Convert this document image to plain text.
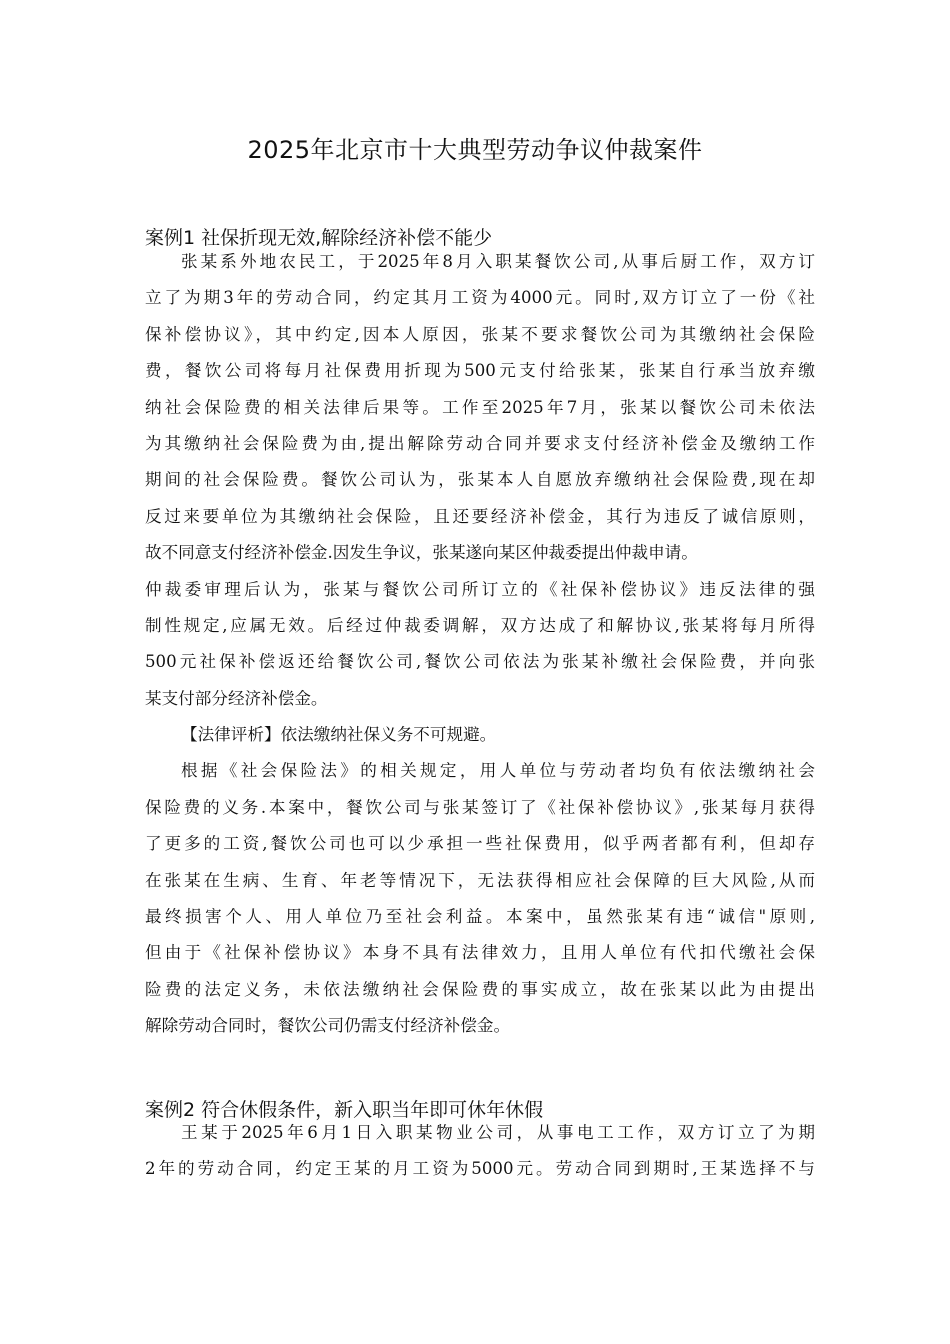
2025年北京市十大典型劳动争议仲裁案件
案例1 社保折现无效,解除经济补偿不能少
张某系外地农民工，于2025年8月入职某餐饮公司,从事后厨工作，双方订
立了为期3年的劳动合同，约定其月工资为4000元。同时,双方订立了一份《社
保补偿协议》，其中约定,因本人原因，张某不要求餐饮公司为其缴纳社会保险
费，餐饮公司将每月社保费用折现为500元支付给张某，张某自行承当放弃缴
纳社会保险费的相关法律后果等。工作至2025年7月，张某以餐饮公司未依法
为其缴纳社会保险费为由,提出解除劳动合同并要求支付经济补偿金及缴纳工作
期间的社会保险费。餐饮公司认为，张某本人自愿放弃缴纳社会保险费,现在却
反过来要单位为其缴纳社会保险，且还要经济补偿金，其行为违反了诚信原则，
故不同意支付经济补偿金.因发生争议，张某遂向某区仲裁委提出仲裁申请。
仲裁委审理后认为，张某与餐饮公司所订立的《社保补偿协议》违反法律的强
制性规定,应属无效。后经过仲裁委调解，双方达成了和解协议,张某将每月所得
500元社保补偿返还给餐饮公司,餐饮公司依法为张某补缴社会保险费，并向张
某支付部分经济补偿金。
【法律评析】依法缴纳社保义务不可规避。
根据《社会保险法》的相关规定，用人单位与劳动者均负有依法缴纳社会
保险费的义务.本案中，餐饮公司与张某签订了《社保补偿协议》,张某每月获得
了更多的工资,餐饮公司也可以少承担一些社保费用，似乎两者都有利，但却存
在张某在生病、生育、年老等情况下，无法获得相应社会保障的巨大风险,从而
最终损害个人、用人单位乃至社会利益。本案中，虽然张某有违“诚信"原则,
但由于《社保补偿协议》本身不具有法律效力，且用人单位有代扣代缴社会保
险费的法定义务，未依法缴纳社会保险费的事实成立，故在张某以此为由提出
解除劳动合同时，餐饮公司仍需支付经济补偿金。
案例2 符合休假条件，新入职当年即可休年休假
王某于2025年6月1日入职某物业公司，从事电工工作，双方订立了为期
2年的劳动合同，约定王某的月工资为5000元。劳动合同到期时,王某选择不与
